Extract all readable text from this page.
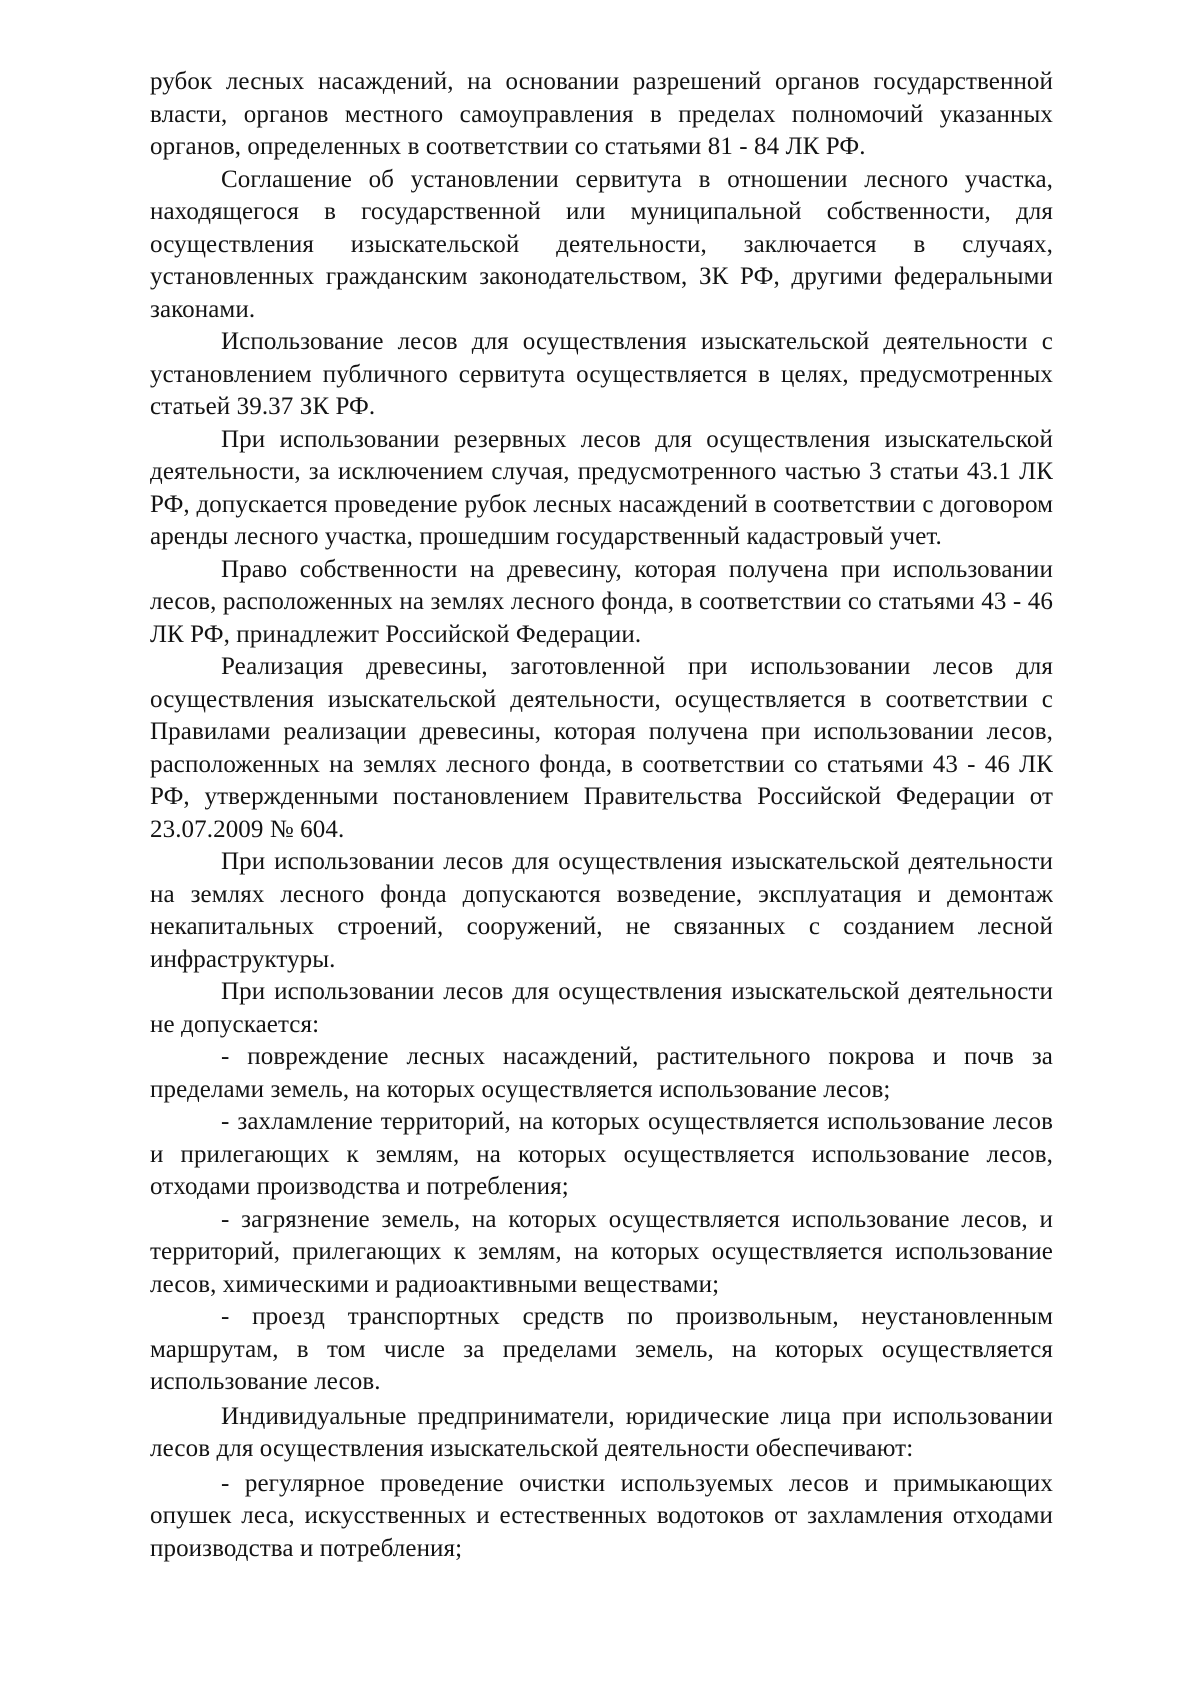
рубок лесных насаждений, на основании разрешений органов государственной власти, органов местного самоуправления в пределах полномочий указанных органов, определенных в соответствии со статьями 81 - 84 ЛК РФ.

Соглашение об установлении сервитута в отношении лесного участка, находящегося в государственной или муниципальной собственности, для осуществления изыскательской деятельности, заключается в случаях, установленных гражданским законодательством, ЗК РФ, другими федеральными законами.

Использование лесов для осуществления изыскательской деятельности с установлением публичного сервитута осуществляется в целях, предусмотренных статьей 39.37 ЗК РФ.

При использовании резервных лесов для осуществления изыскательской деятельности, за исключением случая, предусмотренного частью 3 статьи 43.1 ЛК РФ, допускается проведение рубок лесных насаждений в соответствии с договором аренды лесного участка, прошедшим государственный кадастровый учет.

Право собственности на древесину, которая получена при использовании лесов, расположенных на землях лесного фонда, в соответствии со статьями 43 - 46 ЛК РФ, принадлежит Российской Федерации.

Реализация древесины, заготовленной при использовании лесов для осуществления изыскательской деятельности, осуществляется в соответствии с Правилами реализации древесины, которая получена при использовании лесов, расположенных на землях лесного фонда, в соответствии со статьями 43 - 46 ЛК РФ, утвержденными постановлением Правительства Российской Федерации от 23.07.2009 № 604.

При использовании лесов для осуществления изыскательской деятельности на землях лесного фонда допускаются возведение, эксплуатация и демонтаж некапитальных строений, сооружений, не связанных с созданием лесной инфраструктуры.

При использовании лесов для осуществления изыскательской деятельности не допускается:

- повреждение лесных насаждений, растительного покрова и почв за пределами земель, на которых осуществляется использование лесов;

- захламление территорий, на которых осуществляется использование лесов и прилегающих к землям, на которых осуществляется использование лесов, отходами производства и потребления;

- загрязнение земель, на которых осуществляется использование лесов, и территорий, прилегающих к землям, на которых осуществляется использование лесов, химическими и радиоактивными веществами;

- проезд транспортных средств по произвольным, неустановленным маршрутам, в том числе за пределами земель, на которых осуществляется использование лесов.

Индивидуальные предприниматели, юридические лица при использовании лесов для осуществления изыскательской деятельности обеспечивают:

- регулярное проведение очистки используемых лесов и примыкающих опушек леса, искусственных и естественных водотоков от захламления отходами производства и потребления;
